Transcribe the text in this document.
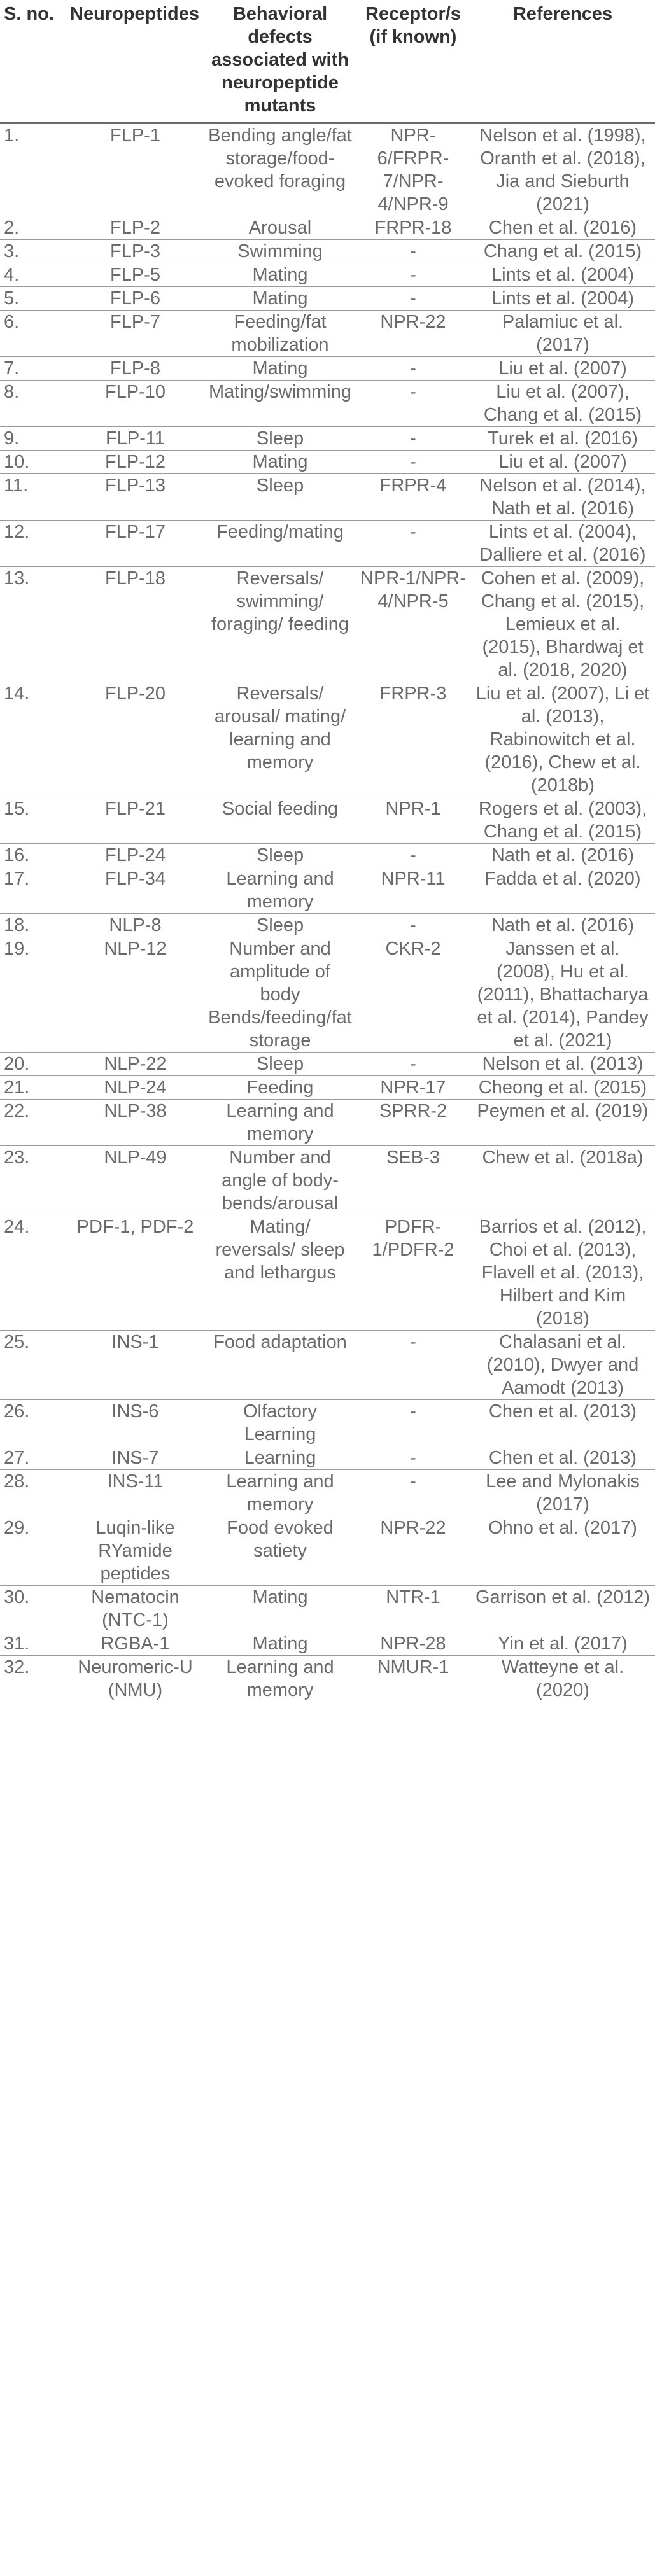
S. no.	Neuropeptides	Behavioral defects associated with neuropeptide mutants	Receptor/s (if known)	References
1.	FLP-1	Bending angle/fat storage/food-evoked foraging	NPR-6/FRPR-7/NPR-4/NPR-9	Nelson et al. (1998), Oranth et al. (2018), Jia and Sieburth (2021)
2.	FLP-2	Arousal	FRPR-18	Chen et al. (2016)
3.	FLP-3	Swimming	-	Chang et al. (2015)
4.	FLP-5	Mating	-	Lints et al. (2004)
5.	FLP-6	Mating	-	Lints et al. (2004)
6.	FLP-7	Feeding/fat mobilization	NPR-22	Palamiuc et al. (2017)
7.	FLP-8	Mating	-	Liu et al. (2007)
8.	FLP-10	Mating/swimming	-	Liu et al. (2007), Chang et al. (2015)
9.	FLP-11	Sleep	-	Turek et al. (2016)
10.	FLP-12	Mating	-	Liu et al. (2007)
11.	FLP-13	Sleep	FRPR-4	Nelson et al. (2014), Nath et al. (2016)
12.	FLP-17	Feeding/mating	-	Lints et al. (2004), Dalliere et al. (2016)
13.	FLP-18	Reversals/ swimming/ foraging/ feeding	NPR-1/NPR-4/NPR-5	Cohen et al. (2009), Chang et al. (2015), Lemieux et al. (2015), Bhardwaj et al. (2018, 2020)
14.	FLP-20	Reversals/ arousal/ mating/ learning and memory	FRPR-3	Liu et al. (2007), Li et al. (2013), Rabinowitch et al. (2016), Chew et al. (2018b)
15.	FLP-21	Social feeding	NPR-1	Rogers et al. (2003), Chang et al. (2015)
16.	FLP-24	Sleep	-	Nath et al. (2016)
17.	FLP-34	Learning and memory	NPR-11	Fadda et al. (2020)
18.	NLP-8	Sleep	-	Nath et al. (2016)
19.	NLP-12	Number and amplitude of body Bends/feeding/fat storage	CKR-2	Janssen et al. (2008), Hu et al. (2011), Bhattacharya et al. (2014), Pandey et al. (2021)
20.	NLP-22	Sleep	-	Nelson et al. (2013)
21.	NLP-24	Feeding	NPR-17	Cheong et al. (2015)
22.	NLP-38	Learning and memory	SPRR-2	Peymen et al. (2019)
23.	NLP-49	Number and angle of body-bends/arousal	SEB-3	Chew et al. (2018a)
24.	PDF-1, PDF-2	Mating/ reversals/ sleep and lethargus	PDFR-1/PDFR-2	Barrios et al. (2012), Choi et al. (2013), Flavell et al. (2013), Hilbert and Kim (2018)
25.	INS-1	Food adaptation	-	Chalasani et al. (2010), Dwyer and Aamodt (2013)
26.	INS-6	Olfactory Learning	-	Chen et al. (2013)
27.	INS-7	Learning	-	Chen et al. (2013)
28.	INS-11	Learning and memory	-	Lee and Mylonakis (2017)
29.	Luqin-like RYamide peptides	Food evoked satiety	NPR-22	Ohno et al. (2017)
30.	Nematocin (NTC-1)	Mating	NTR-1	Garrison et al. (2012)
31.	RGBA-1	Mating	NPR-28	Yin et al. (2017)
32.	Neuromeric-U (NMU)	Learning and memory	NMUR-1	Watteyne et al. (2020)
